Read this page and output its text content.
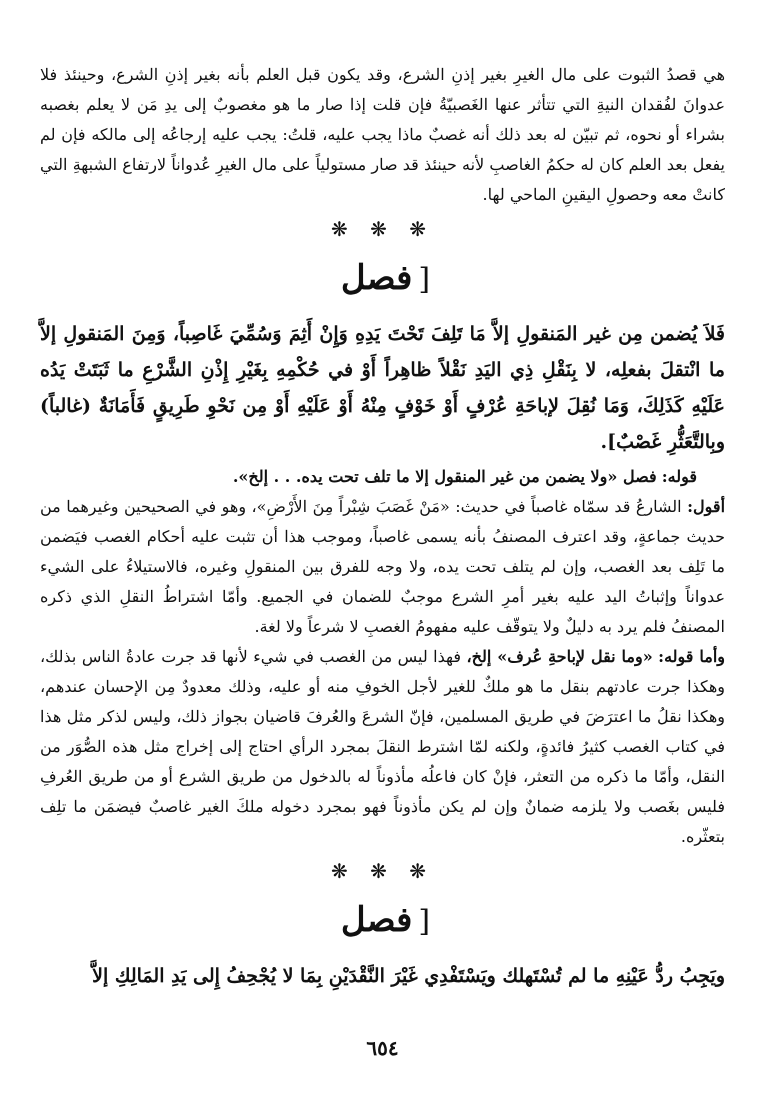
هي قصدُ الثبوت على مال الغيرِ بغير إذنِ الشرع، وقد يكون قبل العلم بأنه بغير إذنِ الشرع، وحينئذ فلا عدوانَ لفُقدان النيةِ التي تتأثر عنها الغَصبيّةُ فإن قلت إذا صار ما هو مغصوبٌ إلى يدِ مَن لا يعلم بغصبه بشراء أو نحوه، ثم تبيّن له بعد ذلك أنه غصبٌ ماذا يجب عليه، قلتُ: يجب عليه إرجاعُه إلى مالكه فإن لم يفعل بعد العلم كان له حكمُ الغاصبِ لأنه حينئذ قد صار مستولياً على مال الغيرِ عُدواناً لارتفاع الشبهةِ التي كانتْ معه وحصولِ اليقينِ الماحي لها.

❋ ❋ ❋
[فصل

فَلاَ يُضمن مِن غير المَنقولِ إلاَّ مَا تَلِفَ تَحْتَ يَدِهِ وَإِنْ أَثِمَ وَسُمِّيَ غَاصِباً، وَمِنَ المَنقولِ إلاَّ ما انْتقلَ بفعلِه، لا بِنَقْلِ ذِي اليَدِ نَقْلاً ظاهِراً أَوْ في حُكْمِهِ بِغَيْرِ إِذْنِ الشَّرْعِ ما ثَبَتَتْ يَدُه عَلَيْهِ كَذَلِكَ، وَمَا نُقِلَ لإباحَةِ عُرْفٍ أَوْ خَوْفٍ مِنْهُ أَوْ عَلَيْهِ أَوْ مِن نَحْوِ طَرِيقٍ فَأَمَانَةٌ (غالباً) وبِالتَّعَثُّرِ غَصْبٌ].

قوله: فصل «ولا يضمن من غير المنقول إلا ما تلف تحت يده. . . إلخ».

أقول: الشارعُ قد سمّاه غاصباً في حديث: «مَنْ غَصَبَ شِبْراً مِنَ الأَرْضِ»، وهو في الصحيحين وغيرهما من حديث جماعةٍ، وقد اعترف المصنفُ بأنه يسمى غاصباً، وموجب هذا أن تثبت عليه أحكام الغصب فيَضمن ما تَلِف بعد الغصب، وإن لم يتلف تحت يده، ولا وجه للفرق بين المنقولِ وغيره، فالاستيلاءُ على الشيء عدواناً وإثباتُ اليد عليه بغير أمرِ الشرع موجبٌ للضمان في الجميع. وأمّا اشتراطُ النقلِ الذي ذكره المصنفُ فلم يرد به دليلٌ ولا يتوقّف عليه مفهومُ الغصبِ لا شرعاً ولا لغة.

وأما قوله: «وما نقل لإباحةِ عُرف» إلخ، فهذا ليس من الغصب في شيء لأنها قد جرت عادةُ الناس بذلك، وهكذا جرت عادتهم بنقل ما هو ملكٌ للغير لأجل الخوفِ منه أو عليه، وذلك معدودٌ مِن الإحسان عندهم، وهكذا نقلُ ما اعترَضَ في طريق المسلمين، فإنّ الشرعَ والعُرفَ قاضيان بجواز ذلك، وليس لذكر مثل هذا في كتاب الغصب كثيرُ فائدةٍ، ولكنه لمّا اشترط النقلَ بمجرد الرأي احتاج إلى إخراج مثل هذه الصُّوَر من النقل، وأمّا ما ذكره من التعثر، فإنْ كان فاعلُه مأذوناً له بالدخول من طريق الشرع أو من طريق العُرفِ فليس بغَصب ولا يلزمه ضمانٌ وإن لم يكن مأذوناً فهو بمجرد دخوله ملكَ الغير غاصبٌ فيضمَن ما تلِف بتعثّره.

❋ ❋ ❋
[فصل

ويَجِبُ ردُّ عَيْنِهِ ما لم تُسْتَهلك ويَسْتَفْدِي غَيْرَ النَّقْدَيْنِ بِمَا لا يُجْحِفُ إِلى يَدِ المَالِكِ إلاَّ

٦٥٤
